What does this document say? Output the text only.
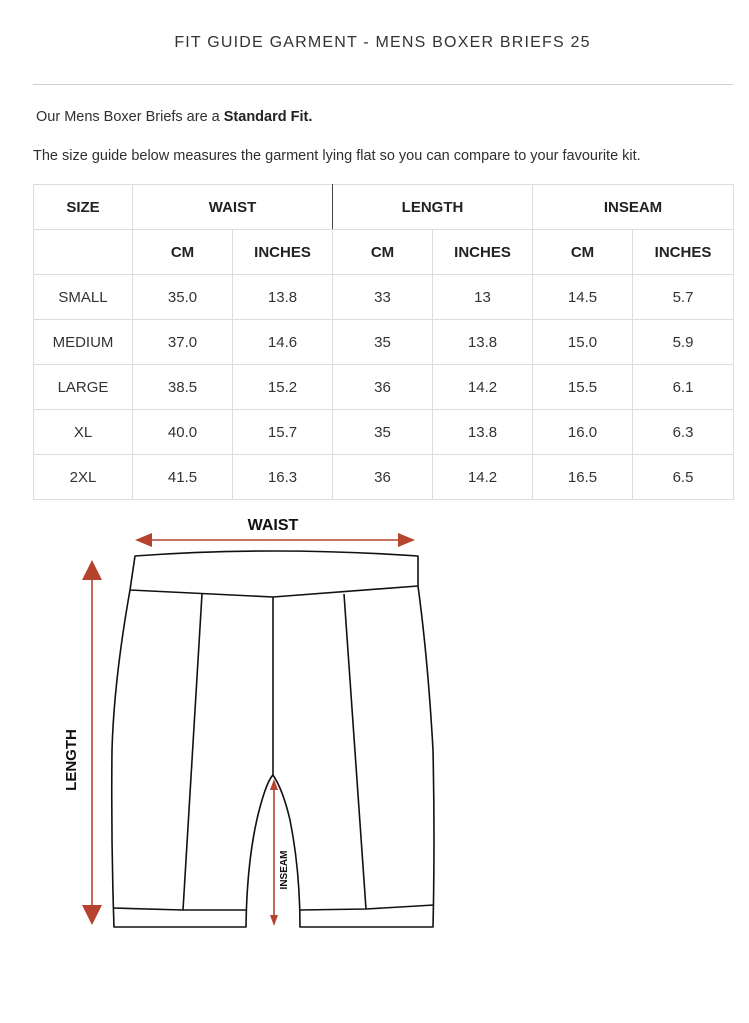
FIT GUIDE GARMENT - MENS BOXER BRIEFS 25
Our Mens Boxer Briefs are a Standard Fit.
The size guide below measures the garment lying flat so you can compare to your favourite kit.
SIZE	WAIST		LENGTH		INSEAM	
	CM	INCHES	CM	INCHES	CM	INCHES
SMALL	35.0	13.8	33	13	14.5	5.7
MEDIUM	37.0	14.6	35	13.8	15.0	5.9
LARGE	38.5	15.2	36	14.2	15.5	6.1
XL	40.0	15.7	35	13.8	16.0	6.3
2XL	41.5	16.3	36	14.2	16.5	6.5
WAIST
LENGTH
INSEAM
